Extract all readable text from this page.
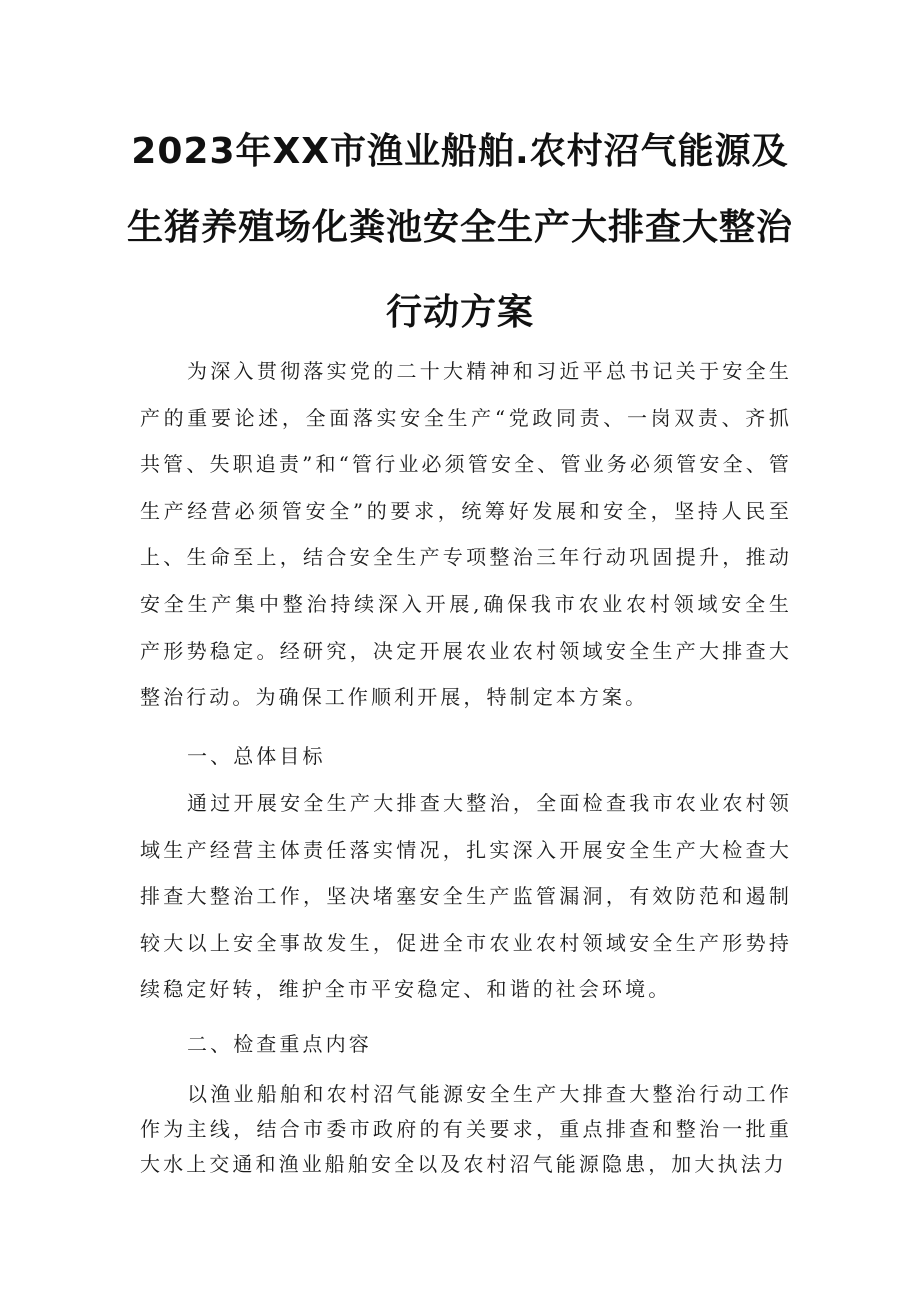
2023年XX市渔业船舶.农村沼气能源及
生猪养殖场化粪池安全生产大排查大整治
行动方案

为深入贯彻落实党的二十大精神和习近平总书记关于安全生产的重要论述，全面落实安全生产“党政同责、一岗双责、齐抓共管、失职追责”和“管行业必须管安全、管业务必须管安全、管生产经营必须管安全”的要求，统筹好发展和安全，坚持人民至上、生命至上，结合安全生产专项整治三年行动巩固提升，推动安全生产集中整治持续深入开展,确保我市农业农村领域安全生产形势稳定。经研究，决定开展农业农村领域安全生产大排查大整治行动。为确保工作顺利开展，特制定本方案。

一、总体目标

通过开展安全生产大排查大整治，全面检查我市农业农村领域生产经营主体责任落实情况，扎实深入开展安全生产大检查大排查大整治工作，坚决堵塞安全生产监管漏洞，有效防范和遏制较大以上安全事故发生，促进全市农业农村领域安全生产形势持续稳定好转，维护全市平安稳定、和谐的社会环境。

二、检查重点内容

以渔业船舶和农村沼气能源安全生产大排查大整治行动工作作为主线，结合市委市政府的有关要求，重点排查和整治一批重大水上交通和渔业船舶安全以及农村沼气能源隐患，加大执法力
